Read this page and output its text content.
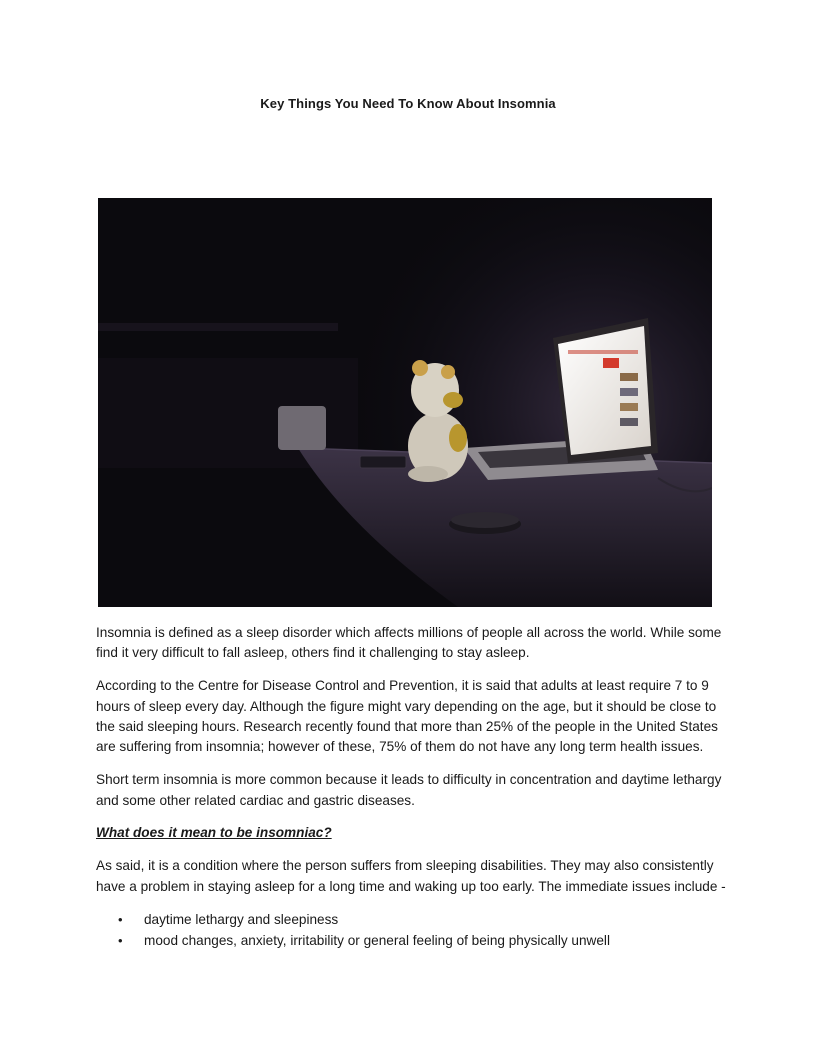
Key Things You Need To Know About Insomnia

Insomnia is defined as a sleep disorder which affects millions of people all across the world. While some find it very difficult to fall asleep, others find it challenging to stay asleep.

According to the Centre for Disease Control and Prevention, it is said that adults at least require 7 to 9 hours of sleep every day. Although the figure might vary depending on the age, but it should be close to the said sleeping hours. Research recently found that more than 25% of the people in the United States are suffering from insomnia; however of these, 75% of them do not have any long term health issues.

Short term insomnia is more common because it leads to difficulty in concentration and daytime lethargy and some other related cardiac and gastric diseases.

What does it mean to be insomniac?

As said, it is a condition where the person suffers from sleeping disabilities. They may also consistently have a problem in staying asleep for a long time and waking up too early. The immediate issues include -

• daytime lethargy and sleepiness
• mood changes, anxiety, irritability or general feeling of being physically unwell
